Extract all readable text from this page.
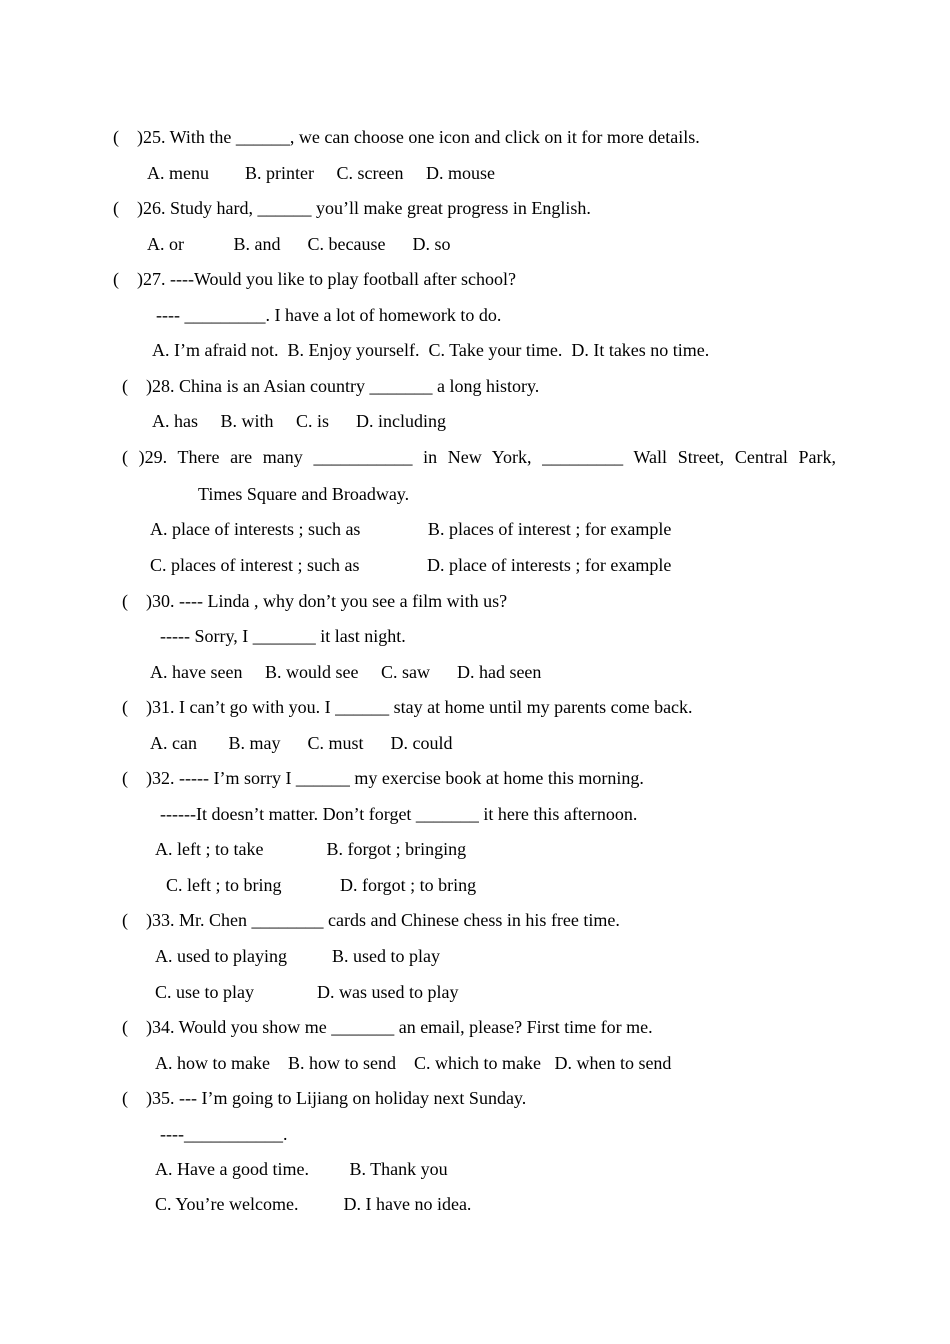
(    )25. With the ______, we can choose one icon and click on it for more details.
A. menu        B. printer     C. screen     D. mouse
(    )26. Study hard, ______ you’ll make great progress in English.
A. or           B. and      C. because      D. so
(    )27. ----Would you like to play football after school?
---- _________. I have a lot of homework to do.
A. I’m afraid not.  B. Enjoy yourself.  C. Take your time.  D. It takes no time.
(    )28. China is an Asian country _______ a long history.
A. has     B. with     C. is      D. including
( )29. There are many ___________ in New York, _________ Wall Street, Central Park,
Times Square and Broadway.
A. place of interests ; such as               B. places of interest ; for example
C. places of interest ; such as               D. place of interests ; for example
(    )30. ---- Linda , why don’t you see a film with us?
----- Sorry, I _______ it last night.
A. have seen     B. would see     C. saw      D. had seen
(    )31. I can’t go with you. I ______ stay at home until my parents come back.
A. can       B. may      C. must      D. could
(    )32. ----- I’m sorry I ______ my exercise book at home this morning.
------It doesn’t matter. Don’t forget _______ it here this afternoon.
A. left ; to take              B. forgot ; bringing
C. left ; to bring             D. forgot ; to bring
(    )33. Mr. Chen ________ cards and Chinese chess in his free time.
A. used to playing          B. used to play
C. use to play              D. was used to play
(    )34. Would you show me _______ an email, please? First time for me.
A. how to make    B. how to send    C. which to make   D. when to send
(    )35. --- I’m going to Lijiang on holiday next Sunday.
----___________.
A. Have a good time.         B. Thank you
C. You’re welcome.          D. I have no idea.
